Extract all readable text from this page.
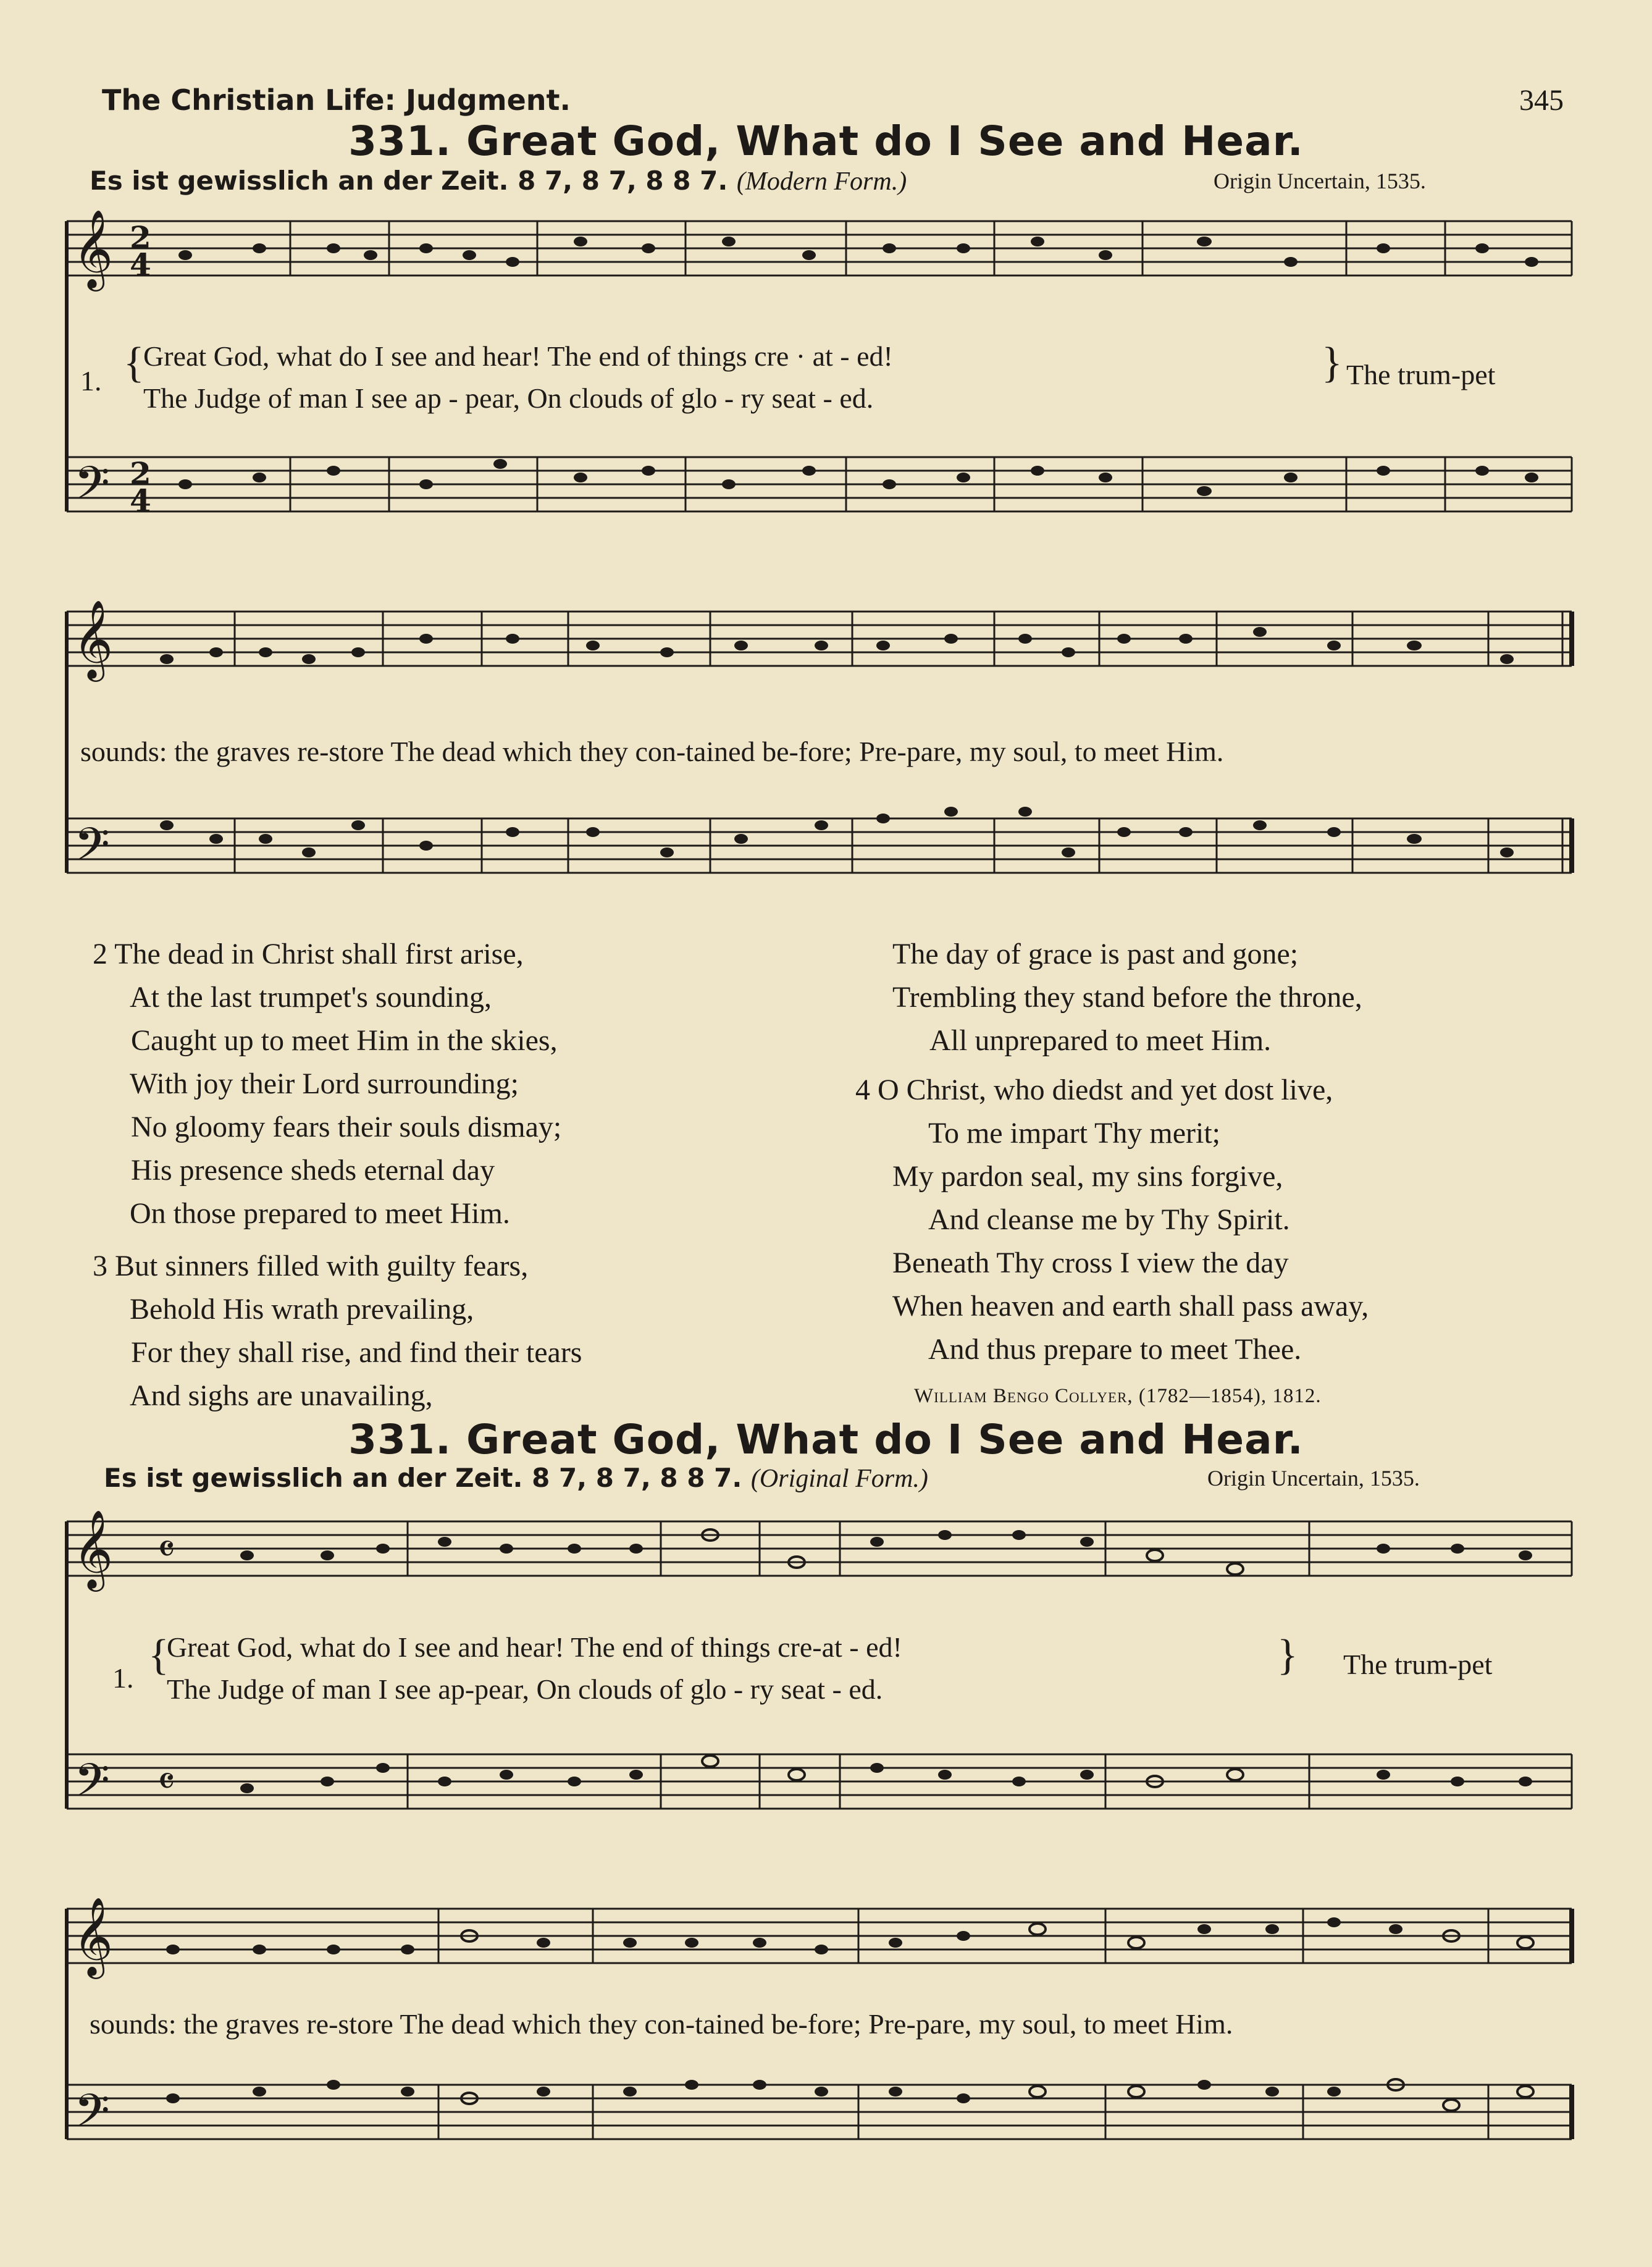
The Christian Life: Judgment.	345
331. Great God, What do I See and Hear.
Es ist gewisslich an der Zeit. 8 7, 8 7, 8 8 7. (Modern Form.)	Origin Uncertain, 1535.
𝄞
𝄢
2
4
2
4
𝄞
𝄢
𝄞
𝄢
𝄴
𝄴
𝄞
𝄢
1. {
Great God, what do I see and hear! The end of things cre · at - ed!
The Judge of man I see ap - pear, On clouds of glo - ry seat - ed.
} The trum-pet
sounds: the graves re-store The dead which they con-tained be-fore; Pre-pare, my soul, to meet Him.
2 The dead in Christ shall first arise,
At the last trumpet's sounding,
Caught up to meet Him in the skies,
With joy their Lord surrounding;
No gloomy fears their souls dismay;
His presence sheds eternal day
On those prepared to meet Him.
3 But sinners filled with guilty fears,
Behold His wrath prevailing,
For they shall rise, and find their tears
And sighs are unavailing,
The day of grace is past and gone;
Trembling they stand before the throne,
All unprepared to meet Him.
4 O Christ, who diedst and yet dost live,
To me impart Thy merit;
My pardon seal, my sins forgive,
And cleanse me by Thy Spirit.
Beneath Thy cross I view the day
When heaven and earth shall pass away,
And thus prepare to meet Thee.
William Bengo Collyer, (1782—1854), 1812.
331. Great God, What do I See and Hear.
Es ist gewisslich an der Zeit. 8 7, 8 7, 8 8 7. (Original Form.)	Origin Uncertain, 1535.
1. {
Great God, what do I see and hear! The end of things cre-at - ed!
The Judge of man I see ap-pear, On clouds of glo - ry seat - ed.
} The trum-pet
sounds: the graves re-store The dead which they con-tained be-fore; Pre-pare, my soul, to meet Him.
